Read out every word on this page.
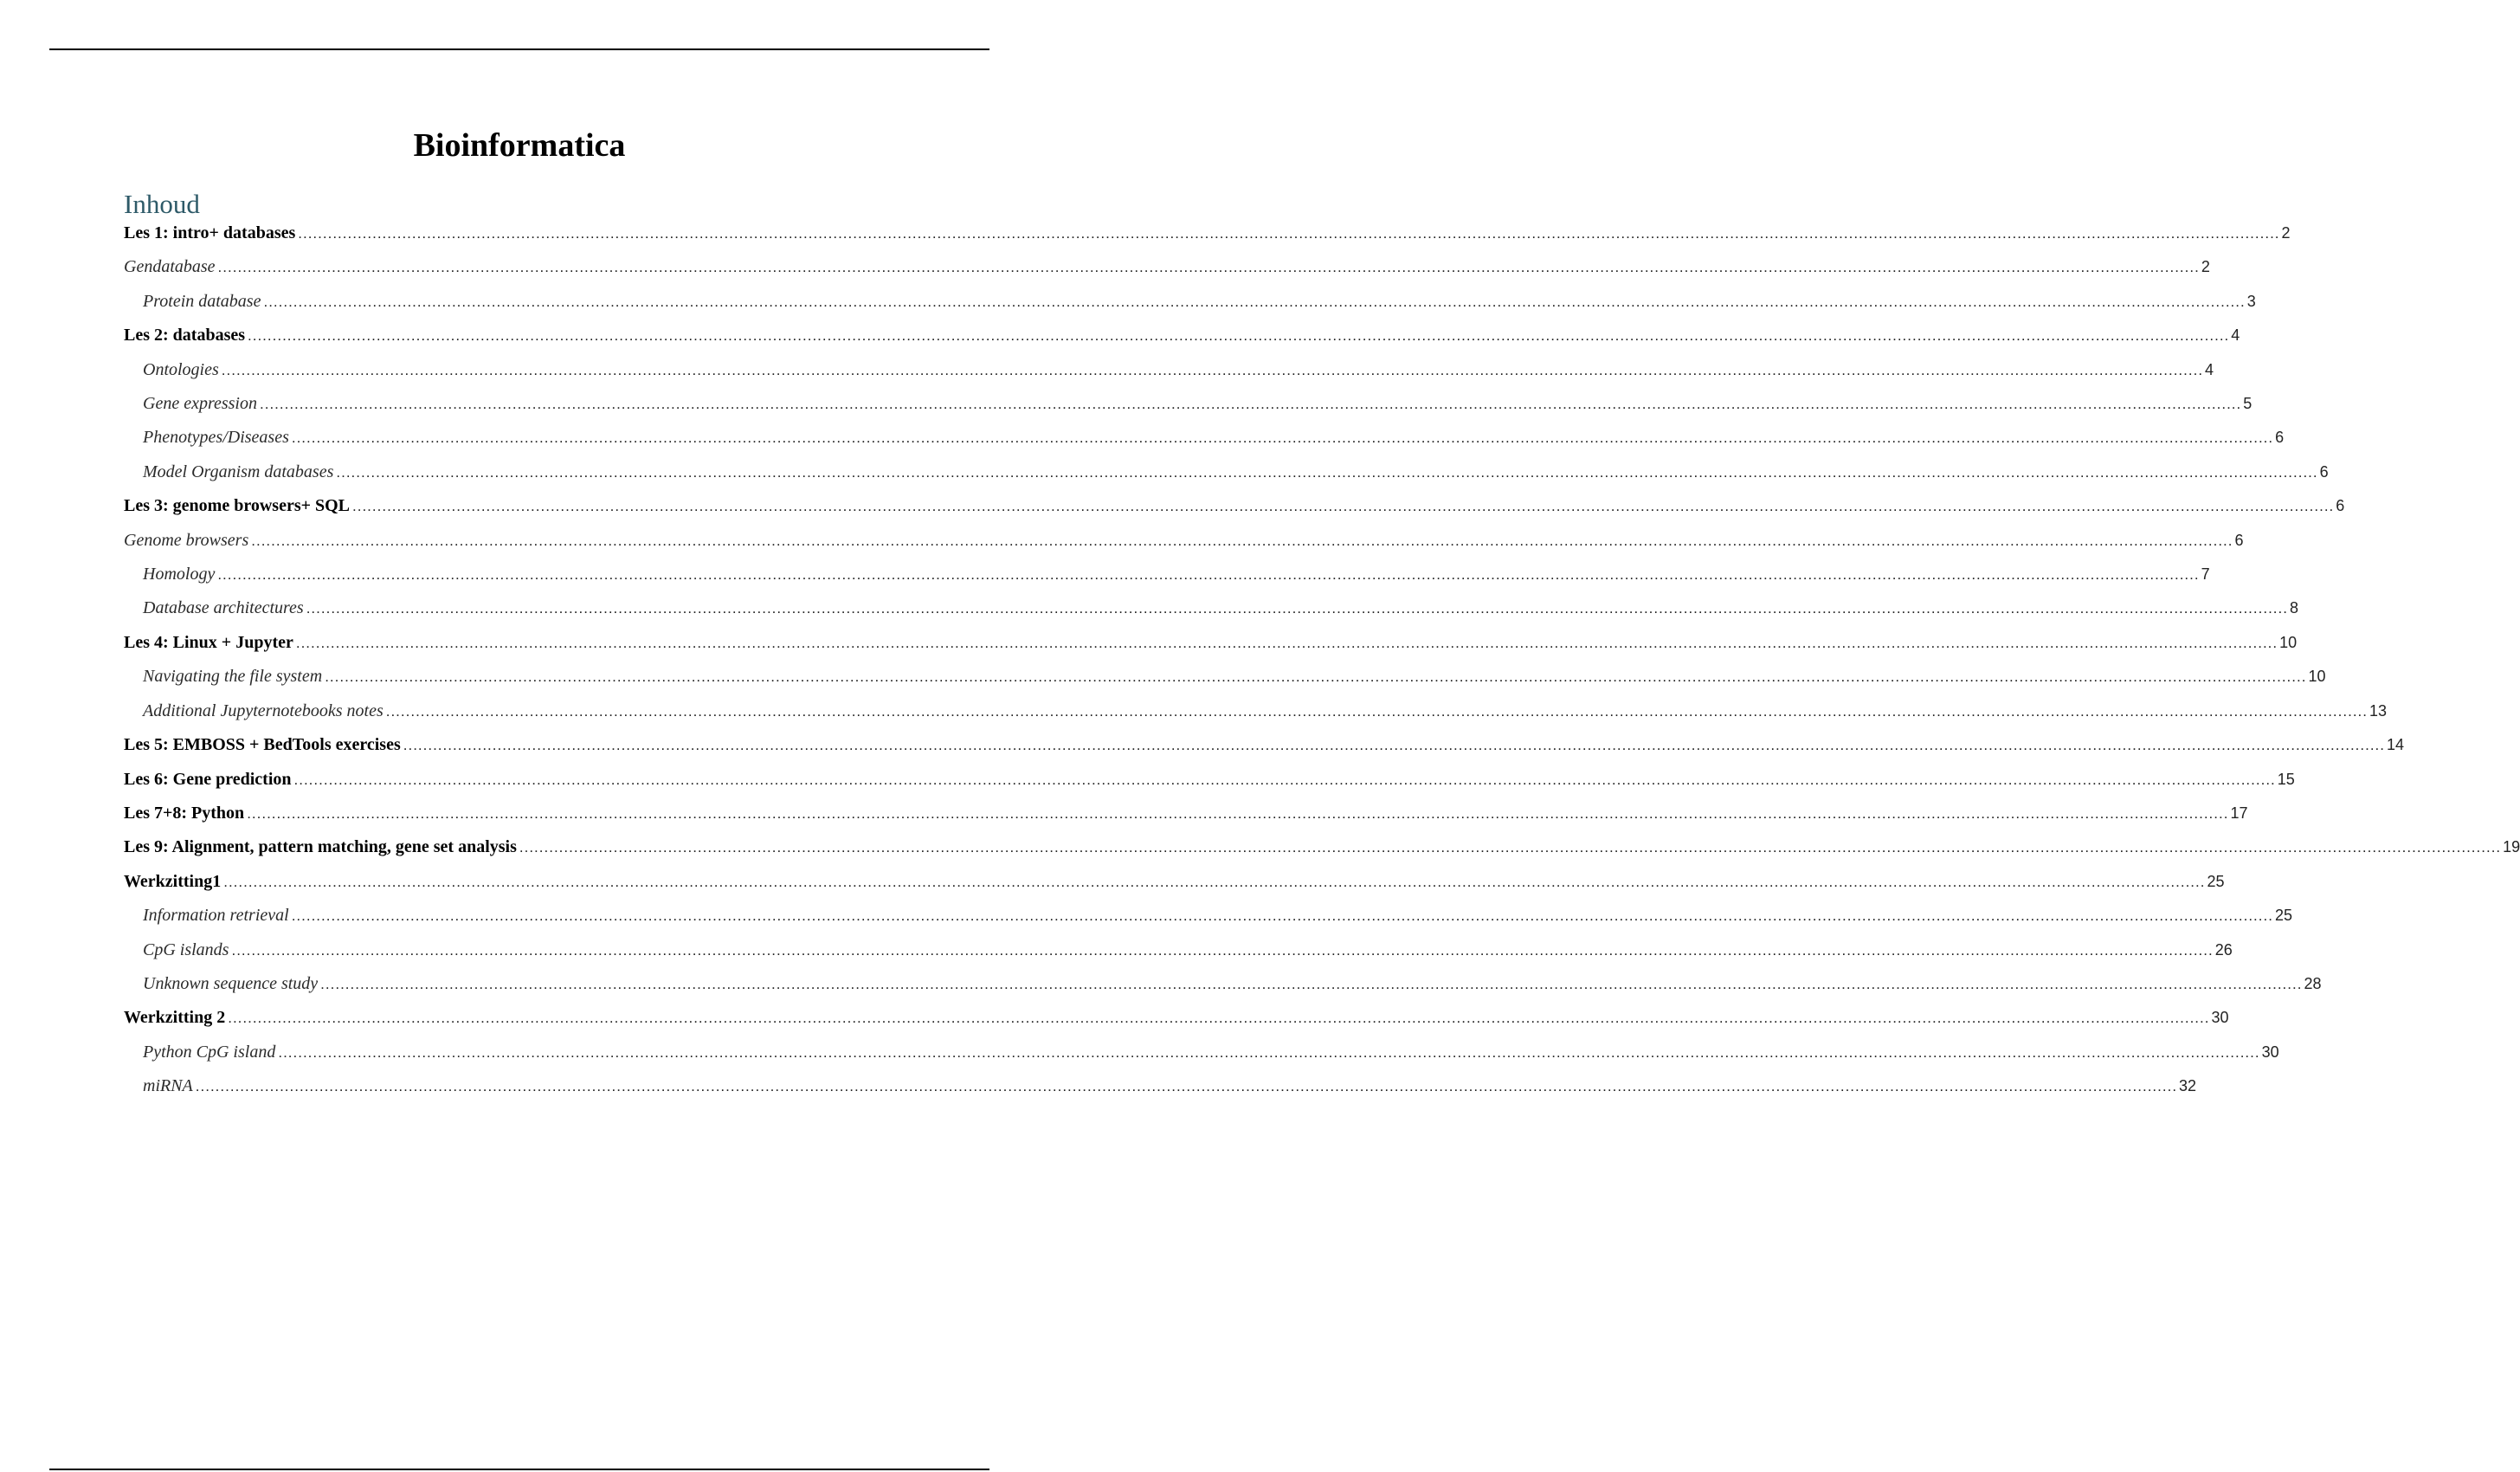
Bioinformatica
Inhoud
Les 1: intro+ databases ................................................................................................................................................................................................................................................................................................................................................................................................................ 2
Gendatabase ................................................................................................................................................................................................................................................................................................................................................................................................................ 2
Protein database ................................................................................................................................................................................................................................................................................................................................................................................................................ 3
Les 2: databases ................................................................................................................................................................................................................................................................................................................................................................................................................ 4
Ontologies ................................................................................................................................................................................................................................................................................................................................................................................................................ 4
Gene expression ................................................................................................................................................................................................................................................................................................................................................................................................................ 5
Phenotypes/Diseases ................................................................................................................................................................................................................................................................................................................................................................................................................ 6
Model Organism databases ................................................................................................................................................................................................................................................................................................................................................................................................................ 6
Les 3: genome browsers+ SQL ................................................................................................................................................................................................................................................................................................................................................................................................................ 6
Genome browsers ................................................................................................................................................................................................................................................................................................................................................................................................................ 6
Homology ................................................................................................................................................................................................................................................................................................................................................................................................................ 7
Database architectures ................................................................................................................................................................................................................................................................................................................................................................................................................ 8
Les 4: Linux + Jupyter ................................................................................................................................................................................................................................................................................................................................................................................................................ 10
Navigating the file system ................................................................................................................................................................................................................................................................................................................................................................................................................ 10
Additional Jupyternotebooks notes ................................................................................................................................................................................................................................................................................................................................................................................................................ 13
Les 5: EMBOSS + BedTools exercises ................................................................................................................................................................................................................................................................................................................................................................................................................ 14
Les 6: Gene prediction ................................................................................................................................................................................................................................................................................................................................................................................................................ 15
Les 7+8: Python ................................................................................................................................................................................................................................................................................................................................................................................................................ 17
Les 9: Alignment, pattern matching, gene set analysis ................................................................................................................................................................................................................................................................................................................................................................................................................ 19
Werkzitting1 ................................................................................................................................................................................................................................................................................................................................................................................................................ 25
Information retrieval ................................................................................................................................................................................................................................................................................................................................................................................................................ 25
CpG islands ................................................................................................................................................................................................................................................................................................................................................................................................................ 26
Unknown sequence study ................................................................................................................................................................................................................................................................................................................................................................................................................ 28
Werkzitting 2 ................................................................................................................................................................................................................................................................................................................................................................................................................ 30
Python CpG island ................................................................................................................................................................................................................................................................................................................................................................................................................ 30
miRNA ................................................................................................................................................................................................................................................................................................................................................................................................................ 32
